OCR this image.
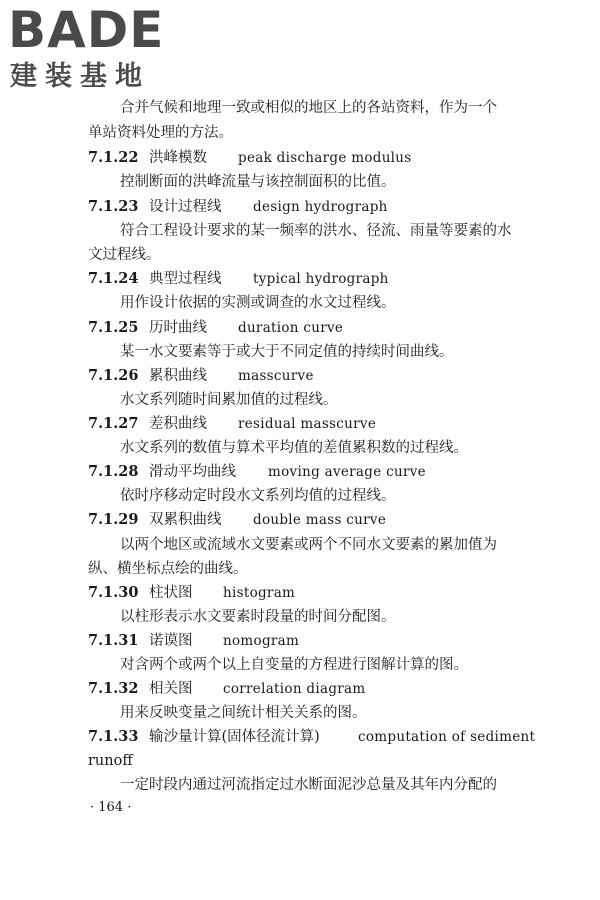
BADE
建装基地
合并气候和地理一致或相似的地区上的各站资料，作为一个
单站资料处理的方法。
7.1.22 洪峰模数 peak discharge modulus
控制断面的洪峰流量与该控制面积的比值。
7.1.23 设计过程线 design hydrograph
符合工程设计要求的某一频率的洪水、径流、雨量等要素的水
文过程线。
7.1.24 典型过程线 typical hydrograph
用作设计依据的实测或调查的水文过程线。
7.1.25 历时曲线 duration curve
某一水文要素等于或大于不同定值的持续时间曲线。
7.1.26 累积曲线 masscurve
水文系列随时间累加值的过程线。
7.1.27 差积曲线 residual masscurve
水文系列的数值与算术平均值的差值累积数的过程线。
7.1.28 滑动平均曲线 moving average curve
依时序移动定时段水文系列均值的过程线。
7.1.29 双累积曲线 double mass curve
以两个地区或流域水文要素或两个不同水文要素的累加值为
纵、横坐标点绘的曲线。
7.1.30 柱状图 histogram
以柱形表示水文要素时段量的时间分配图。
7.1.31 诺谟图 nomogram
对含两个或两个以上自变量的方程进行图解计算的图。
7.1.32 相关图 correlation diagram
用来反映变量之间统计相关关系的图。
7.1.33 输沙量计算(固体径流计算)	computation of sediment
runoff
一定时段内通过河流指定过水断面泥沙总量及其年内分配的
· 164 ·
